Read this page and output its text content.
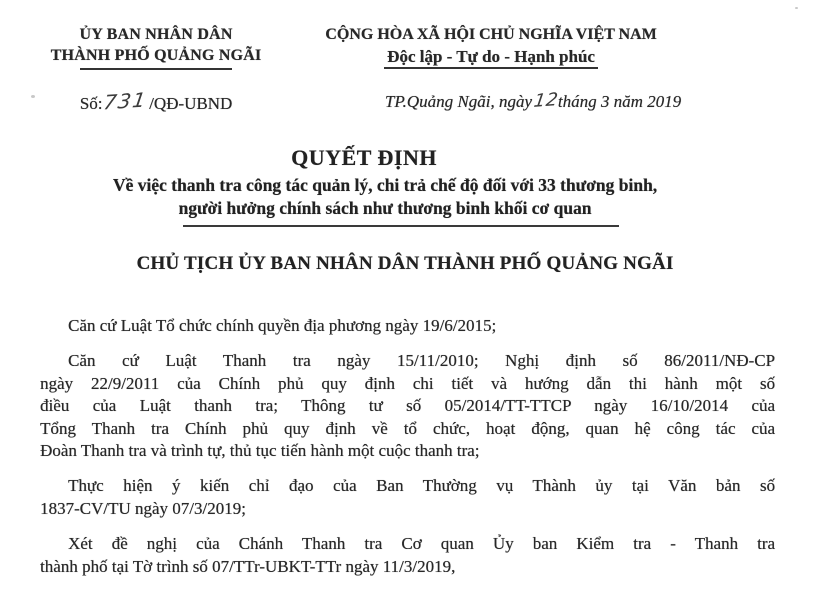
ỦY BAN NHÂN DÂN
THÀNH PHỐ QUẢNG NGÃI
CỘNG HÒA XÃ HỘI CHỦ NGHĨA VIỆT NAM
Độc lập - Tự do - Hạnh phúc
Số:731/QĐ-UBND	TP.Quảng Ngãi, ngày12tháng 3 năm 2019
QUYẾT ĐỊNH
Về việc thanh tra công tác quản lý, chi trả chế độ đối với 33 thương binh,
người hưởng chính sách như thương binh khối cơ quan
CHỦ TỊCH ỦY BAN NHÂN DÂN THÀNH PHỐ QUẢNG NGÃI

Căn cứ Luật Tổ chức chính quyền địa phương ngày 19/6/2015;

Căn cứ Luật Thanh tra ngày 15/11/2010; Nghị định số 86/2011/NĐ-CP
ngày 22/9/2011 của Chính phủ quy định chi tiết và hướng dẫn thi hành một số
điều của Luật thanh tra; Thông tư số 05/2014/TT-TTCP ngày 16/10/2014 của
Tổng Thanh tra Chính phủ quy định về tổ chức, hoạt động, quan hệ công tác của
Đoàn Thanh tra và trình tự, thủ tục tiến hành một cuộc thanh tra;

Thực hiện ý kiến chỉ đạo của Ban Thường vụ Thành ủy tại Văn bản số
1837-CV/TU ngày 07/3/2019;

Xét đề nghị của Chánh Thanh tra Cơ quan Ủy ban Kiểm tra - Thanh tra
thành phố tại Tờ trình số 07/TTr-UBKT-TTr ngày 11/3/2019,
